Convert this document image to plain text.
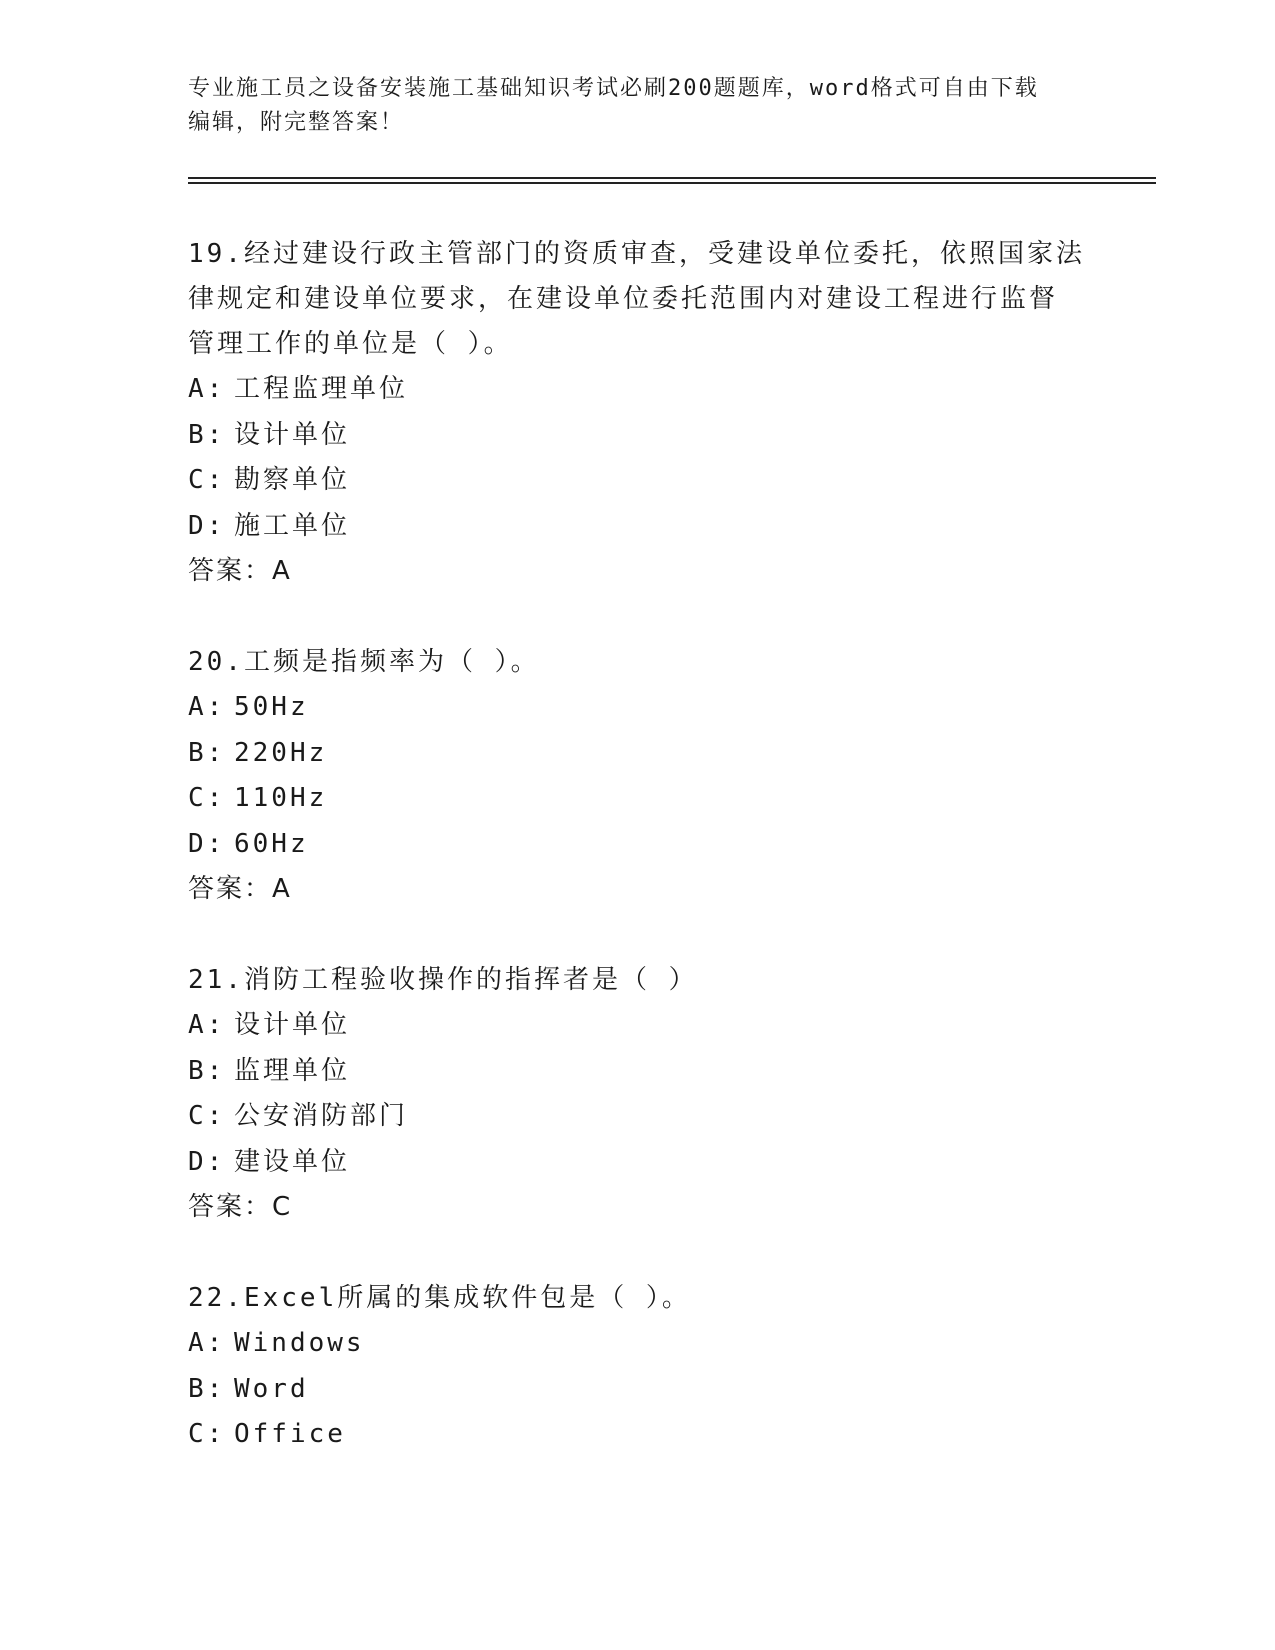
专业施工员之设备安装施工基础知识考试必刷200题题库，word格式可自由下载
编辑，附完整答案！

19.经过建设行政主管部门的资质审查，受建设单位委托，依照国家法

律规定和建设单位要求，在建设单位委托范围内对建设工程进行监督

管理工作的单位是（ ）。

A: 工程监理单位

B: 设计单位

C: 勘察单位

D: 施工单位

答案：A

20.工频是指频率为（ ）。

A: 50Hz

B: 220Hz

C: 110Hz

D: 60Hz

答案：A

21.消防工程验收操作的指挥者是（ ）

A: 设计单位

B: 监理单位

C: 公安消防部门

D: 建设单位

答案：C

22.Excel所属的集成软件包是（ ）。

A: Windows

B: Word

C: Office
